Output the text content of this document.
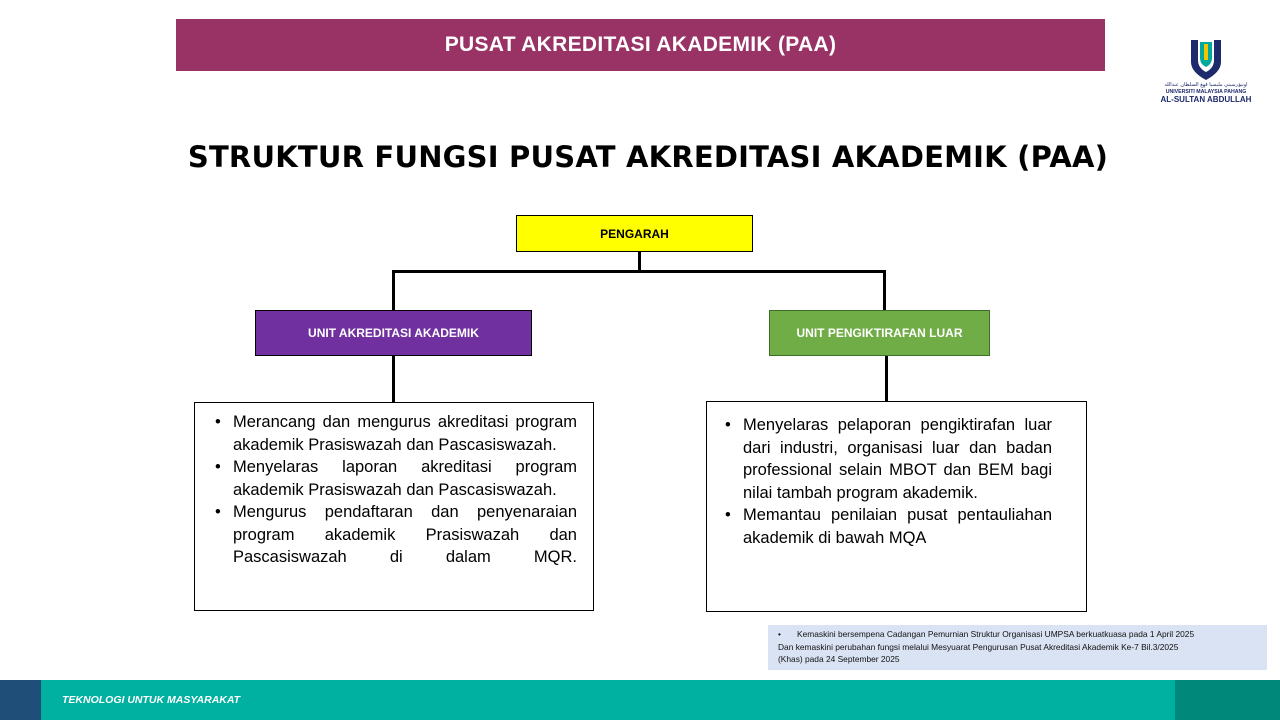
PUSAT AKREDITASI AKADEMIK (PAA)
اونيۏرسيتي مليسيا ڤهڠ السلطان عبدالله
UNIVERSITI MALAYSIA PAHANG
AL-SULTAN ABDULLAH
STRUKTUR FUNGSI PUSAT AKREDITASI AKADEMIK (PAA)
PENGARAH
UNIT AKREDITASI AKADEMIK	UNIT PENGIKTIRAFAN LUAR
• Merancang dan mengurus akreditasi program akademik Prasiswazah dan Pascasiswazah.
• Menyelaras laporan akreditasi program akademik Prasiswazah dan Pascasiswazah.
• Mengurus pendaftaran dan penyenaraian program akademik Prasiswazah dan Pascasiswazah di dalam MQR.
• Menyelaras pelaporan pengiktirafan luar dari industri, organisasi luar dan badan professional selain MBOT dan BEM bagi nilai tambah program akademik.
• Memantau penilaian pusat pentauliahan akademik di bawah MQA
•	Kemaskini bersempena Cadangan Pemurnian Struktur Organisasi UMPSA berkuatkuasa pada 1 April 2025
Dan kemaskini perubahan fungsi melalui Mesyuarat Pengurusan Pusat Akreditasi Akademik Ke-7 Bil.3/2025
(Khas) pada 24 September 2025
TEKNOLOGI UNTUK MASYARAKAT
